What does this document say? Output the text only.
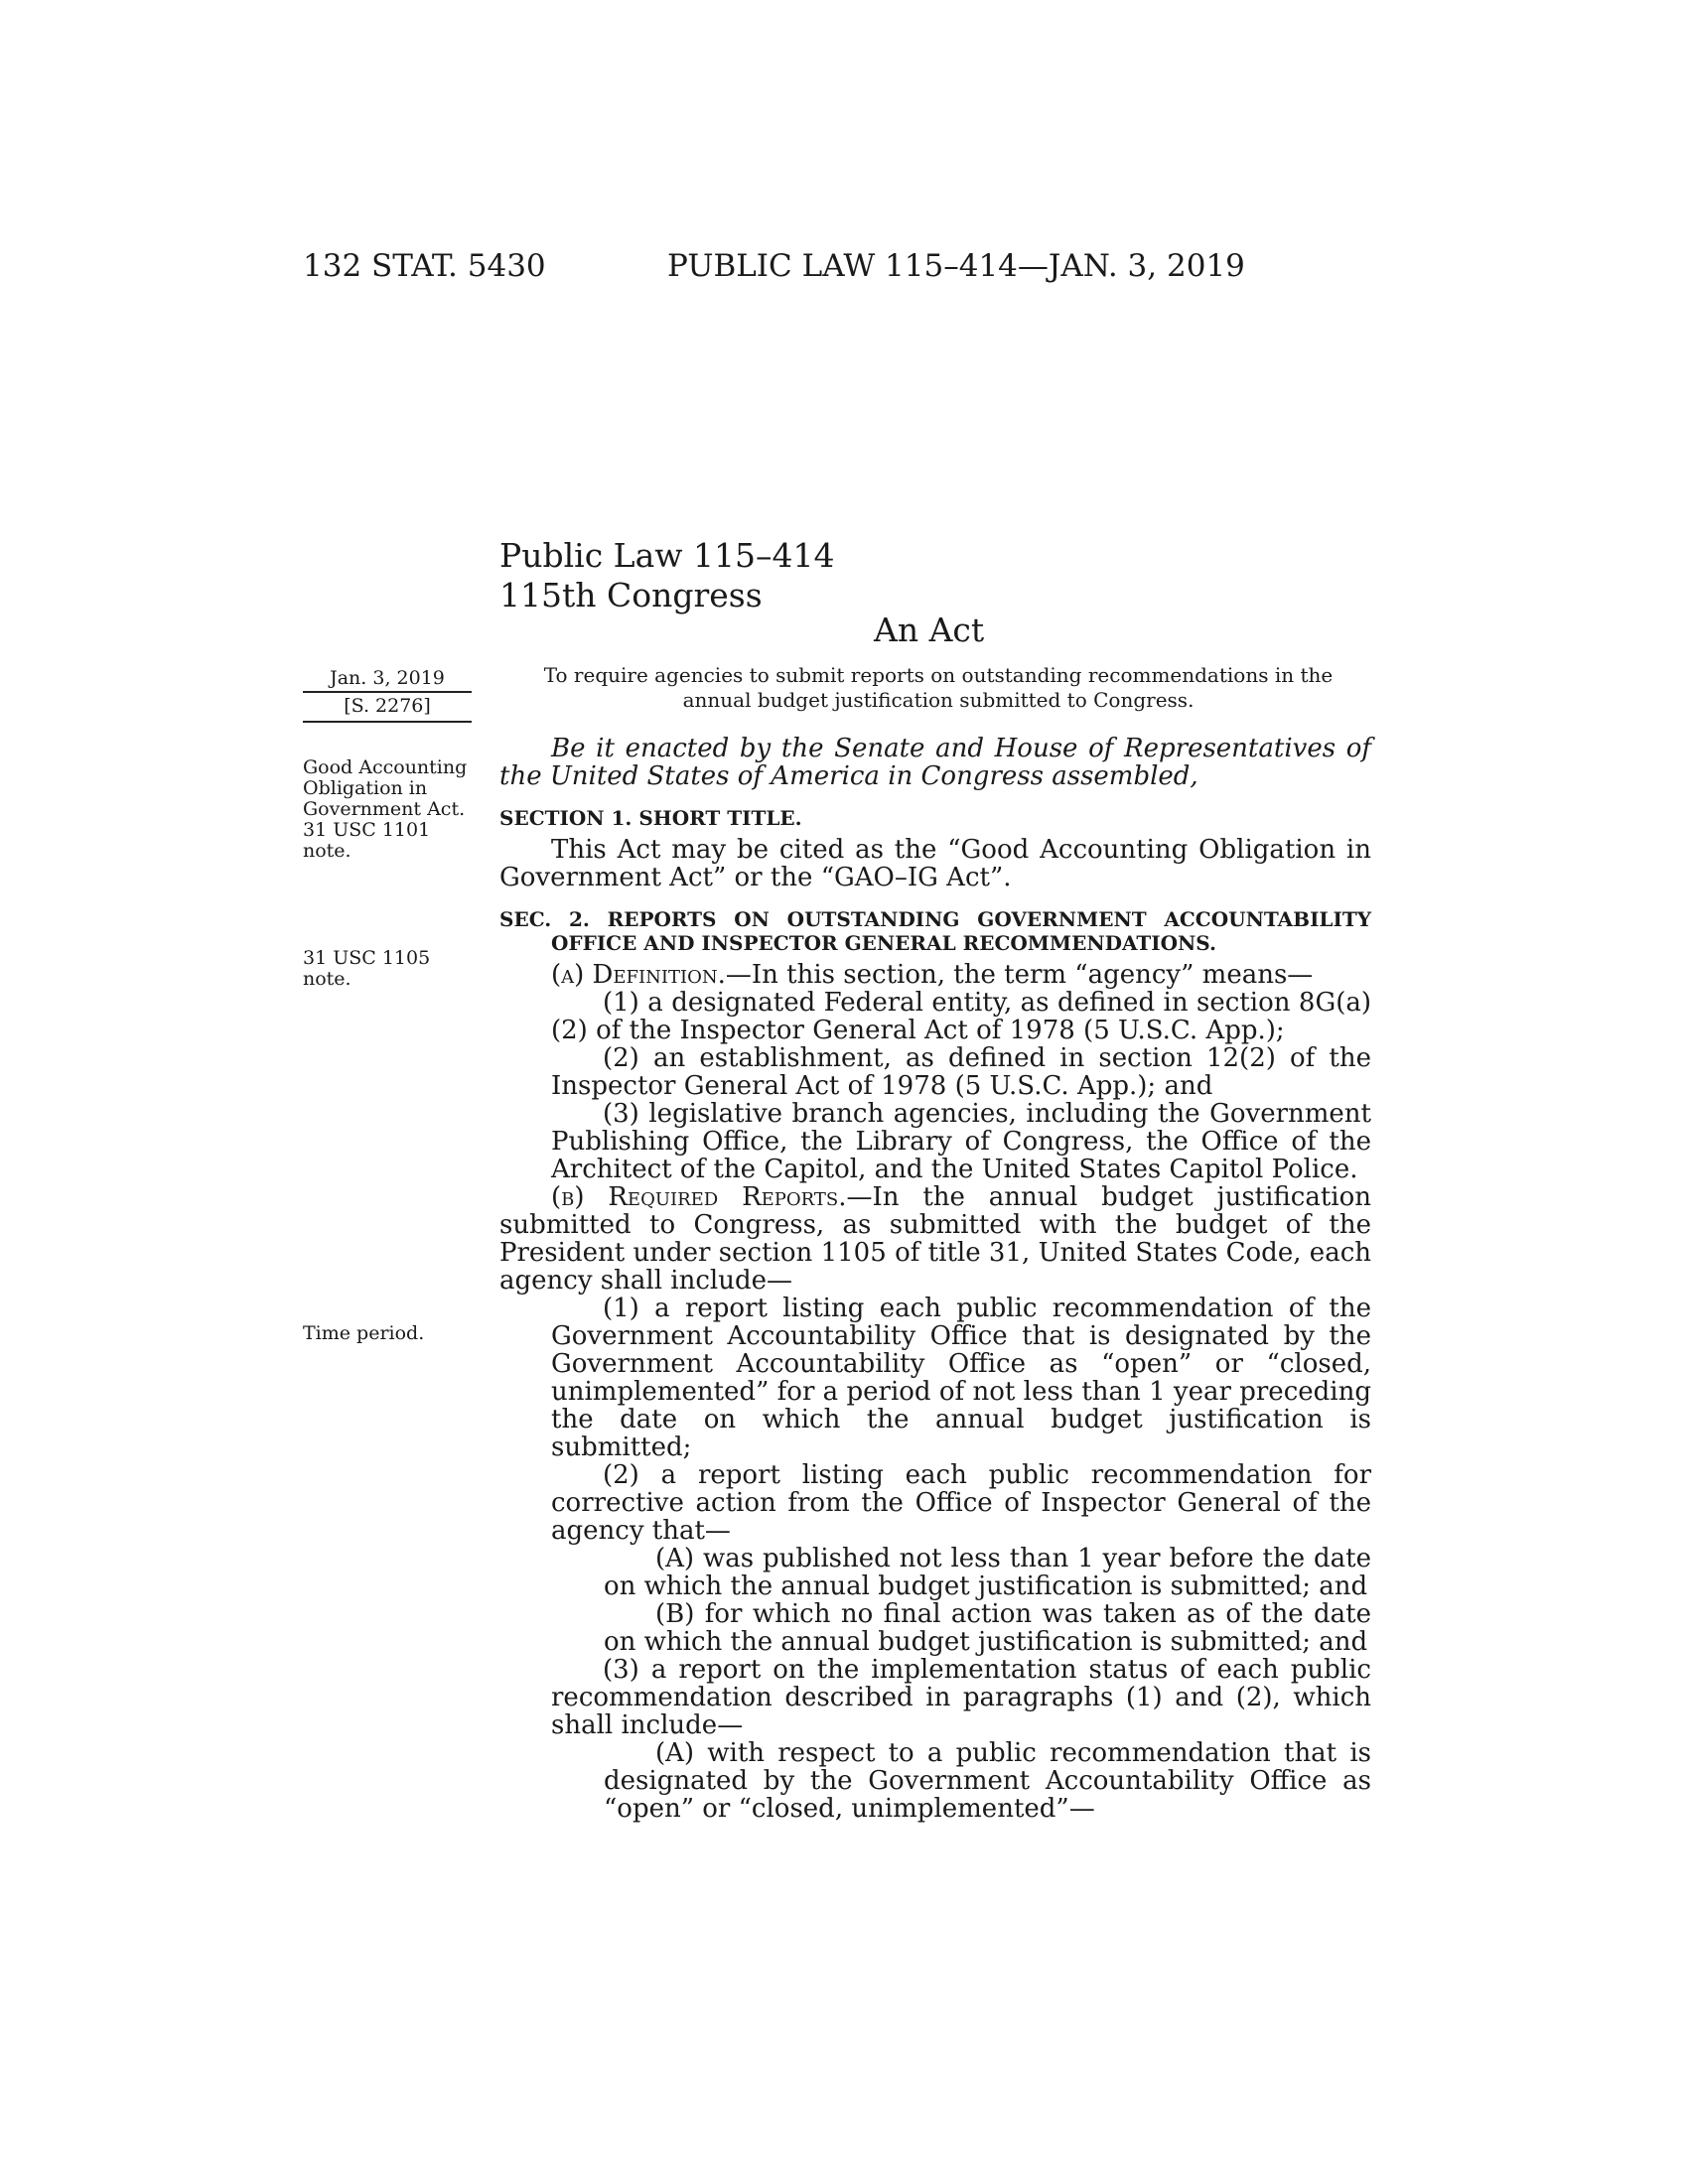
132 STAT. 5430	PUBLIC LAW 115–414—JAN. 3, 2019
Public Law 115–414
115th Congress
An Act
Jan. 3, 2019
[S. 2276]
To require agencies to submit reports on outstanding recommendations in the annual budget justification submitted to Congress.
Good Accounting Obligation in Government Act. 31 USC 1101 note.
31 USC 1105 note.
Time period.

Be it enacted by the Senate and House of Representatives of the United States of America in Congress assembled,

SECTION 1. SHORT TITLE.

This Act may be cited as the “Good Accounting Obligation in Government Act” or the “GAO–IG Act”.

SEC. 2. REPORTS ON OUTSTANDING GOVERNMENT ACCOUNTABILITY OFFICE AND INSPECTOR GENERAL RECOMMENDATIONS.

(a) Definition.—In this section, the term “agency” means—

(1) a designated Federal entity, as defined in section 8G(a)(2) of the Inspector General Act of 1978 (5 U.S.C. App.);

(2) an establishment, as defined in section 12(2) of the Inspector General Act of 1978 (5 U.S.C. App.); and

(3) legislative branch agencies, including the Government Publishing Office, the Library of Congress, the Office of the Architect of the Capitol, and the United States Capitol Police.

(b) Required Reports.—In the annual budget justification submitted to Congress, as submitted with the budget of the President under section 1105 of title 31, United States Code, each agency shall include—

(1) a report listing each public recommendation of the Government Accountability Office that is designated by the Government Accountability Office as “open” or “closed, unimplemented” for a period of not less than 1 year preceding the date on which the annual budget justification is submitted;

(2) a report listing each public recommendation for corrective action from the Office of Inspector General of the agency that—

(A) was published not less than 1 year before the date on which the annual budget justification is submitted; and

(B) for which no final action was taken as of the date on which the annual budget justification is submitted; and

(3) a report on the implementation status of each public recommendation described in paragraphs (1) and (2), which shall include—

(A) with respect to a public recommendation that is designated by the Government Accountability Office as “open” or “closed, unimplemented”—
